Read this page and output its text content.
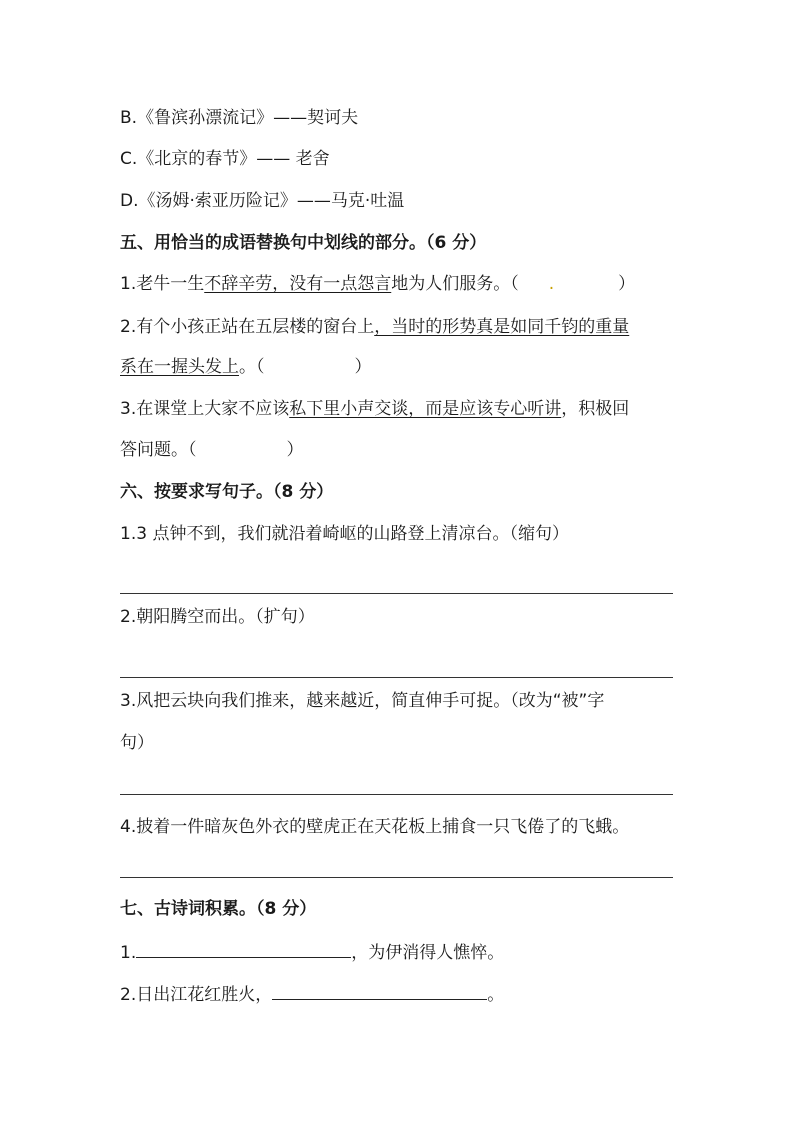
B.《鲁滨孙漂流记》——契诃夫
C.《北京的春节》—— 老舍
D.《汤姆·索亚历险记》——马克·吐温
五、用恰当的成语替换句中划线的部分。（6 分）
1.老牛一生不辞辛劳，没有一点怨言地为人们服务。（ .	）
2.有个小孩正站在五层楼的窗台上，当时的形势真是如同千钧的重量
系在一握头发上。（	）
3.在课堂上大家不应该私下里小声交谈，而是应该专心听讲，积极回
答问题。（	）
六、按要求写句子。（8 分）
1.3 点钟不到，我们就沿着崎岖的山路登上清凉台。（缩句）
2.朝阳腾空而出。（扩句）
3.风把云块向我们推来，越来越近，简直伸手可捉。（改为“被”字
句）
4.披着一件暗灰色外衣的壁虎正在天花板上捕食一只飞倦了的飞蛾。
七、古诗词积累。（8 分）
1.	，为伊消得人憔悴。
2.日出江花红胜火，	。
